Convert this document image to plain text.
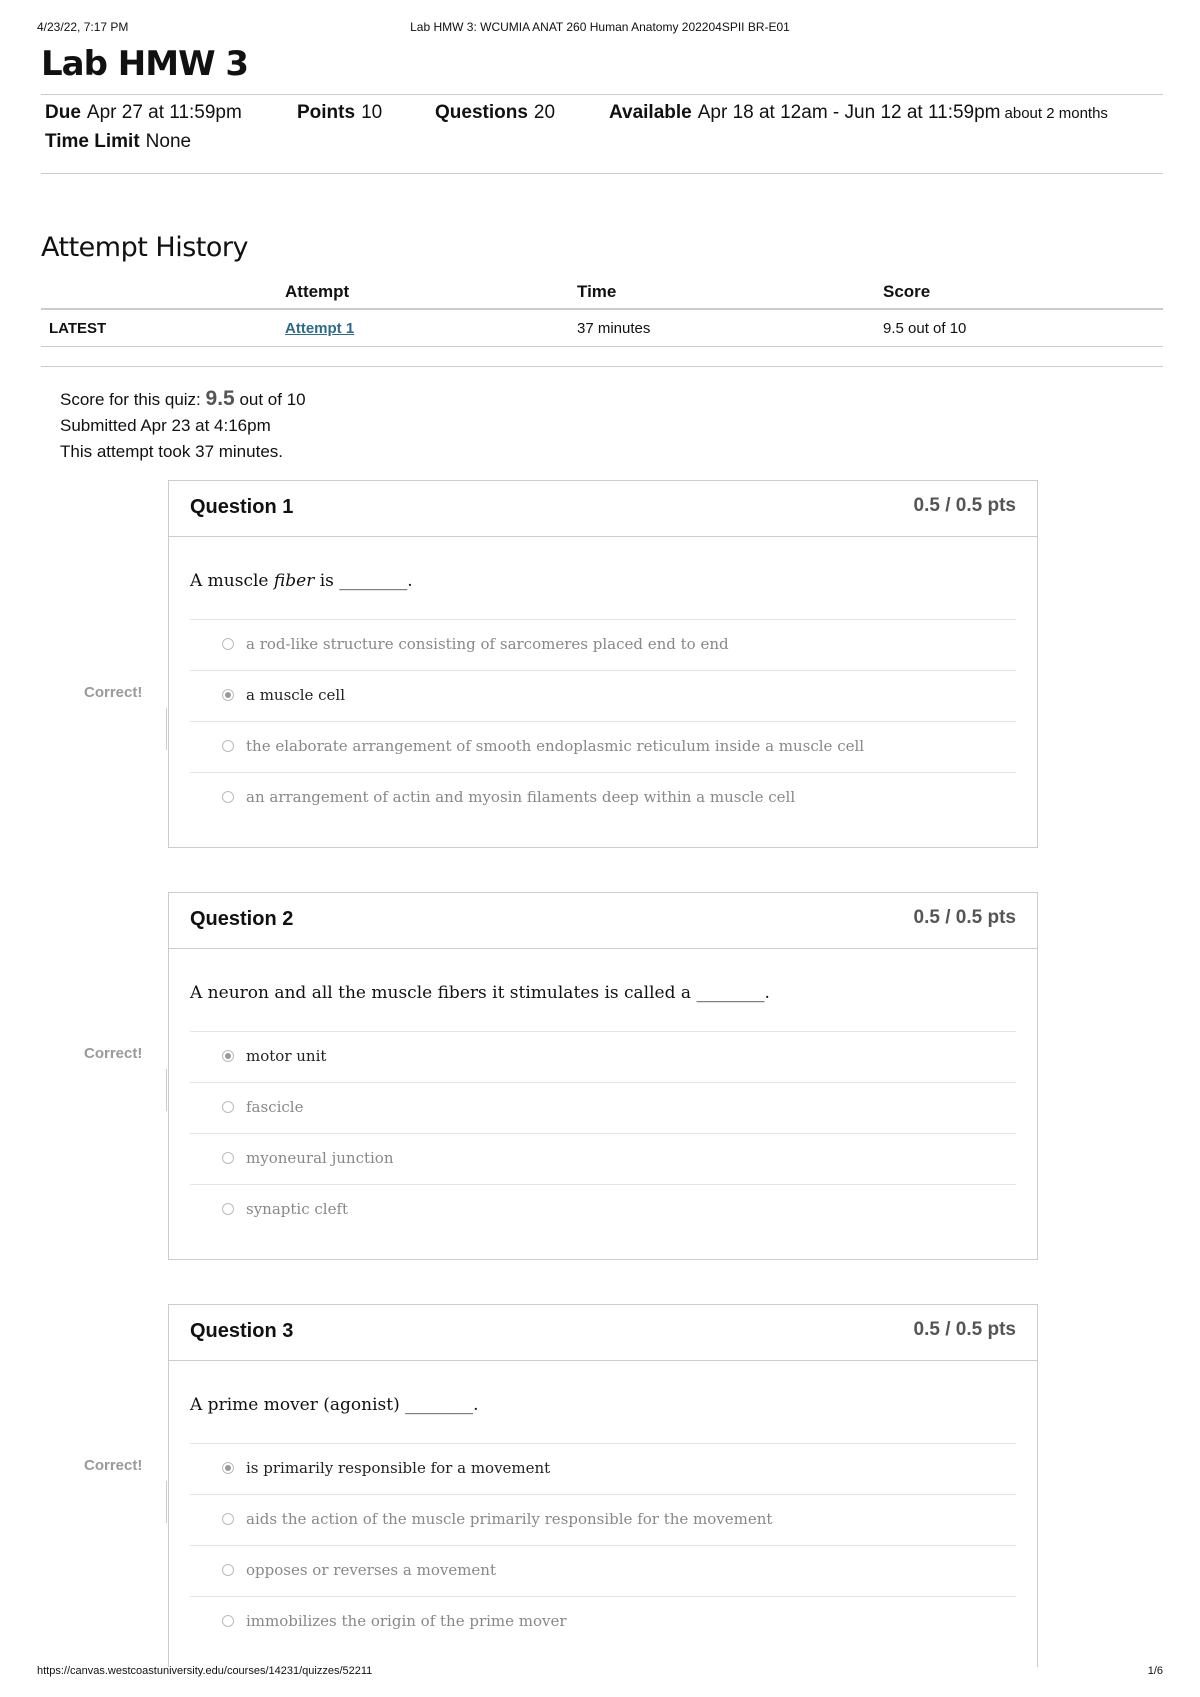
4/23/22, 7:17 PM	Lab HMW 3: WCUMIA ANAT 260 Human Anatomy 202204SPII BR-E01
Lab HMW 3
Due Apr 27 at 11:59pm	Points 10	Questions 20	Available Apr 18 at 12am - Jun 12 at 11:59pm about 2 months
Time Limit None
Attempt History
	Attempt	Time	Score
LATEST	Attempt 1	37 minutes	9.5 out of 10
Score for this quiz: 9.5 out of 10
Submitted Apr 23 at 4:16pm
This attempt took 37 minutes.
Correct!
Question 1	0.5 / 0.5 pts
A muscle fiber is ________.
a rod-like structure consisting of sarcomeres placed end to end
a muscle cell
the elaborate arrangement of smooth endoplasmic reticulum inside a muscle cell
an arrangement of actin and myosin filaments deep within a muscle cell
Correct!
Question 2	0.5 / 0.5 pts
A neuron and all the muscle fibers it stimulates is called a ________.
motor unit
fascicle
myoneural junction
synaptic cleft
Correct!
Question 3	0.5 / 0.5 pts
A prime mover (agonist) ________.
is primarily responsible for a movement
aids the action of the muscle primarily responsible for the movement
opposes or reverses a movement
immobilizes the origin of the prime mover
https://canvas.westcoastuniversity.edu/courses/14231/quizzes/52211	1/6
